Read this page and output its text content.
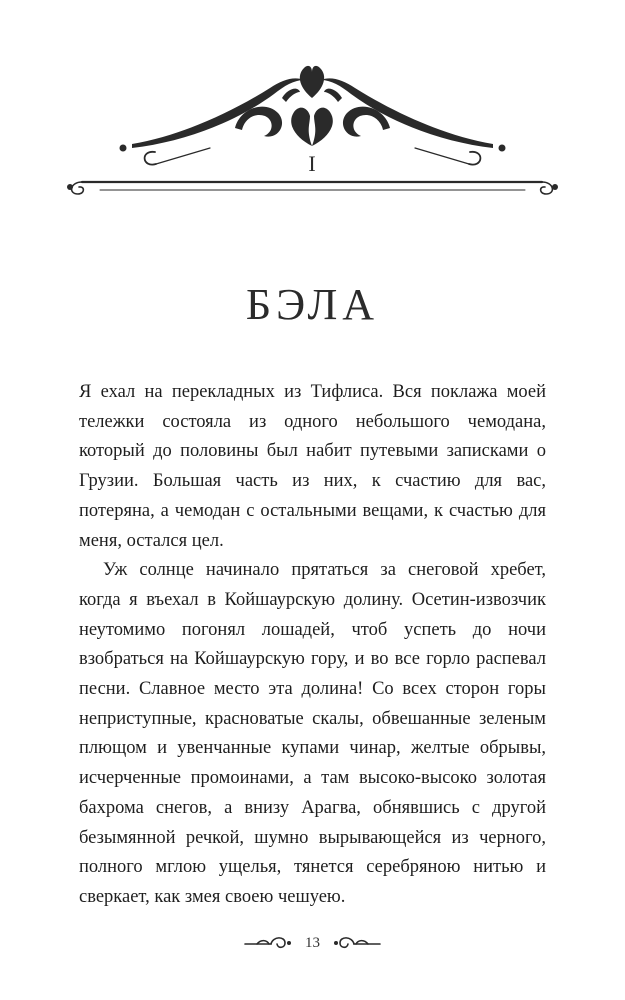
I
БЭЛА

Я ехал на перекладных из Тифлиса. Вся поклажа моей тележки состояла из одного небольшого чемодана, который до половины был набит путевыми записками о Грузии. Большая часть из них, к счастию для вас, потеряна, а чемодан с остальными вещами, к счастью для меня, остался цел.

Уж солнце начинало прятаться за снеговой хребет, когда я въехал в Койшаурскую долину. Осетин-извозчик неутомимо погонял лошадей, чтоб успеть до ночи взобраться на Койшаурскую гору, и во все горло распевал песни. Славное место эта долина! Со всех сторон горы неприступные, красноватые скалы, обвешанные зеленым плющом и увенчанные купами чинар, желтые обрывы, исчерченные промоинами, а там высоко-высоко золотая бахрома снегов, а внизу Арагва, обнявшись с другой безымянной речкой, шумно вырывающейся из черного, полного мглою ущелья, тянется серебряною нитью и сверкает, как змея своею чешуею.

13
